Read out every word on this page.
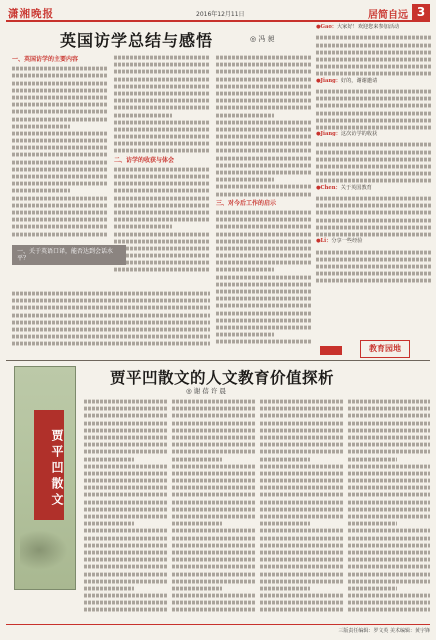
潇湘晚报	2016年12月11日	居简自远 3
英国访学总结与感悟	◎ 冯 昶
一、英国访学的主要内容
二、访学的收获与体会
三、对今后工作的启示
一、关于英语口译，能否达到会话水平？
●Gao：大家好！欢迎您来参加活动
●Jiang：好的，谢谢邀请
●Jiang：这次访学的收获
●Chen：关于英国教育
●Li：分享一些经验
教育园地
贾平凹散文
贾平凹散文的人文教育价值探析
◎ 谢 蓓 许 晨
三版责任编辑：罗文英 美术编辑：黄宇锋
